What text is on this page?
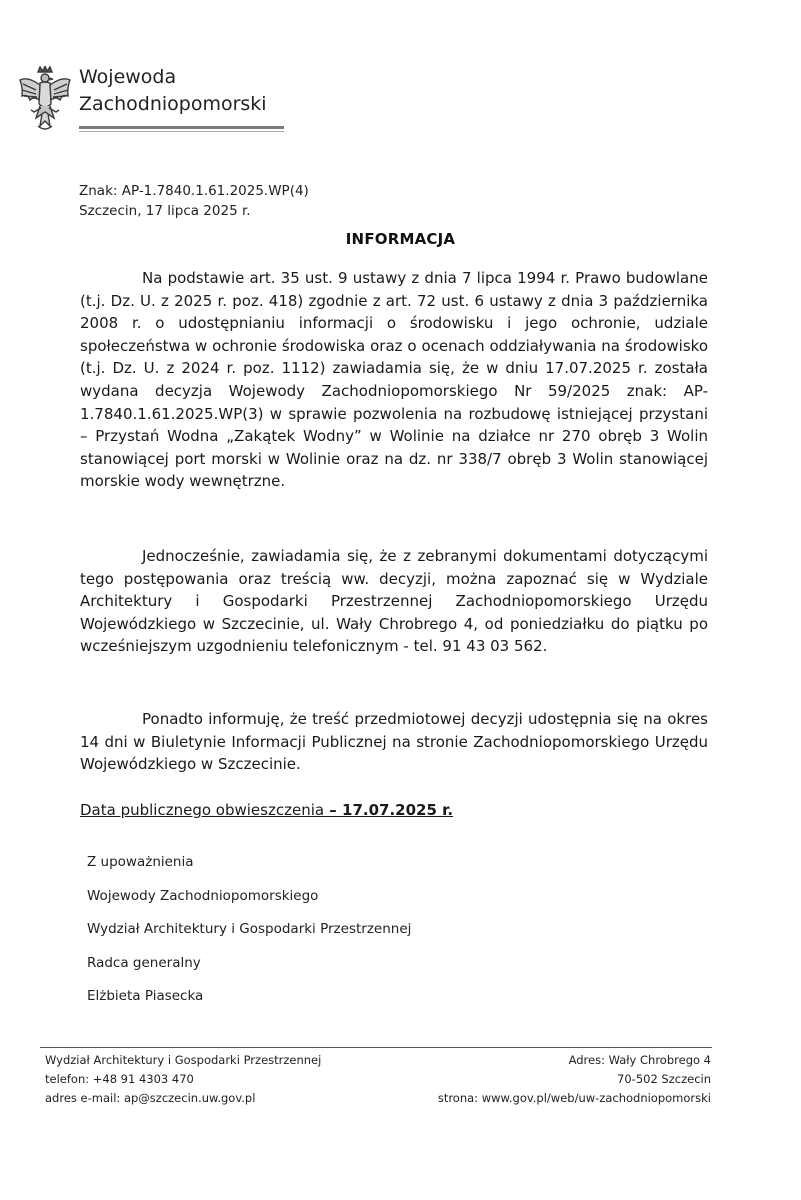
Wojewoda
Zachodniopomorski
Znak: AP-1.7840.1.61.2025.WP(4)
Szczecin, 17 lipca 2025 r.
INFORMACJA

Na podstawie art. 35 ust. 9 ustawy z dnia 7 lipca 1994 r. Prawo budowlane (t.j. Dz. U. z 2025 r. poz. 418) zgodnie z art. 72 ust. 6 ustawy z dnia 3 października 2008 r. o udostępnianiu informacji o środowisku i jego ochronie, udziale społeczeństwa w ochronie środowiska oraz o ocenach oddziaływania na środowisko (t.j. Dz. U. z 2024 r. poz. 1112) zawiadamia się, że w dniu 17.07.2025 r. została wydana decyzja Wojewody Zachodniopomorskiego Nr 59/2025 znak: AP-1.7840.1.61.2025.WP(3) w sprawie pozwolenia na rozbudowę istniejącej przystani – Przystań Wodna „Zakątek Wodny” w Wolinie na działce nr 270 obręb 3 Wolin stanowiącej port morski w Wolinie oraz na dz. nr 338/7 obręb 3 Wolin stanowiącej morskie wody wewnętrzne.

Jednocześnie, zawiadamia się, że z zebranymi dokumentami dotyczącymi tego postępowania oraz treścią ww. decyzji, można zapoznać się w Wydziale Architektury i Gospodarki Przestrzennej Zachodniopomorskiego Urzędu Wojewódzkiego w Szczecinie, ul. Wały Chrobrego 4, od poniedziałku do piątku po wcześniejszym uzgodnieniu telefonicznym - tel. 91 43 03 562.

Ponadto informuję, że treść przedmiotowej decyzji udostępnia się na okres 14 dni w Biuletynie Informacji Publicznej na stronie Zachodniopomorskiego Urzędu Wojewódzkiego w Szczecinie.

Data publicznego obwieszczenia – 17.07.2025 r.
Z upoważnienia
Wojewody Zachodniopomorskiego
Wydział Architektury i Gospodarki Przestrzennej
Radca generalny
Elżbieta Piasecka
Wydział Architektury i Gospodarki Przestrzennej
telefon: +48 91 4303 470
adres e-mail: ap@szczecin.uw.gov.pl
Adres: Wały Chrobrego 4
70-502 Szczecin
strona: www.gov.pl/web/uw-zachodniopomorski
